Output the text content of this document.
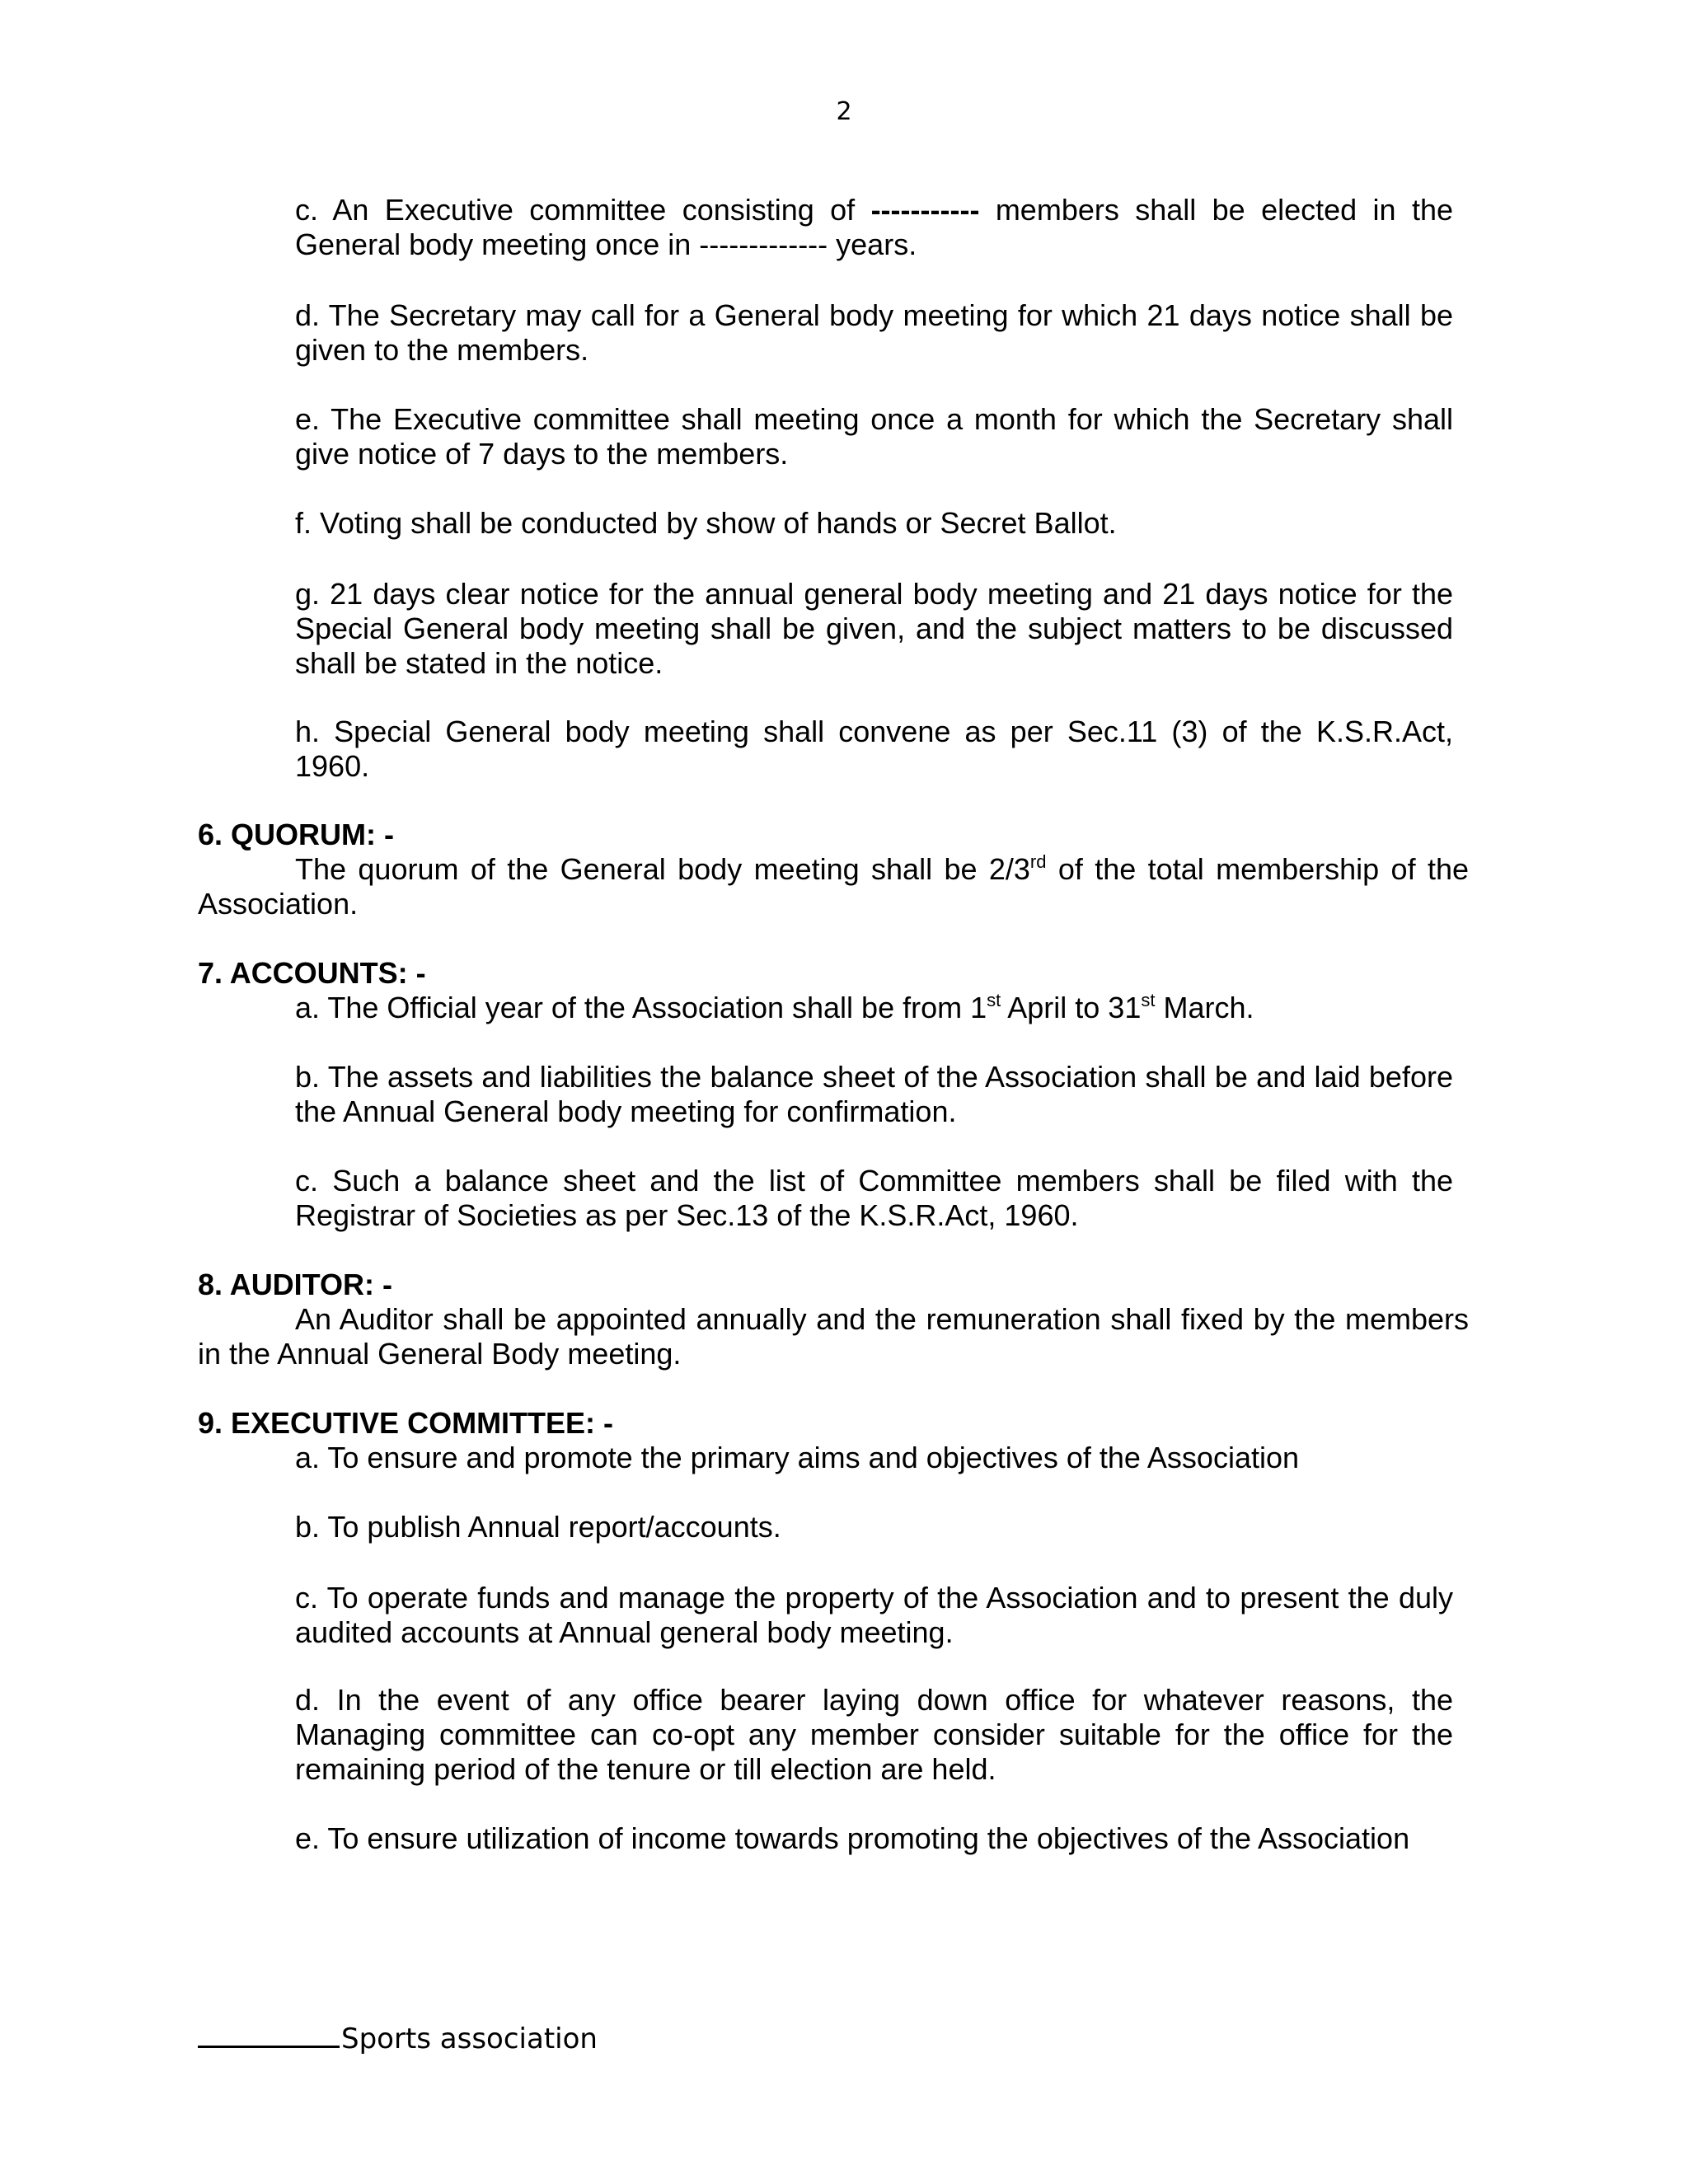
2

c. An Executive committee consisting of ----------- members shall be elected in the General body meeting once in ------------- years.

d. The Secretary may call for a General body meeting for which 21 days notice shall be given to the members.

e. The Executive committee shall meeting once a month for which the Secretary shall give notice of 7 days to the members.

f. Voting shall be conducted by show of hands or Secret Ballot.

g. 21 days clear notice for the annual general body meeting and 21 days notice for the Special General body meeting shall be given, and the subject matters to be discussed shall be stated in the notice.

h. Special General body meeting shall convene as per Sec.11 (3) of the K.S.R.Act, 1960.

6. QUORUM: -

The quorum of the General body meeting shall be 2/3rd of the total membership of the Association.

7. ACCOUNTS: -

a. The Official year of the Association shall be from 1st April to 31st March.

b. The assets and liabilities the balance sheet of the Association shall be and laid before the Annual General body meeting for confirmation.

c. Such a balance sheet and the list of Committee members shall be filed with the Registrar of Societies as per Sec.13 of the K.S.R.Act, 1960.

8. AUDITOR: -

An Auditor shall be appointed annually and the remuneration shall fixed by the members in the Annual General Body meeting.

9. EXECUTIVE COMMITTEE: -

a. To ensure and promote the primary aims and objectives of the Association

b. To publish Annual report/accounts.

c. To operate funds and manage the property of the Association and to present the duly audited accounts at Annual general body meeting.

d. In the event of any office bearer laying down office for whatever reasons, the Managing committee can co-opt any member consider suitable for the office for the remaining period of the tenure or till election are held.

e. To ensure utilization of income towards promoting the objectives of the Association

Sports association
